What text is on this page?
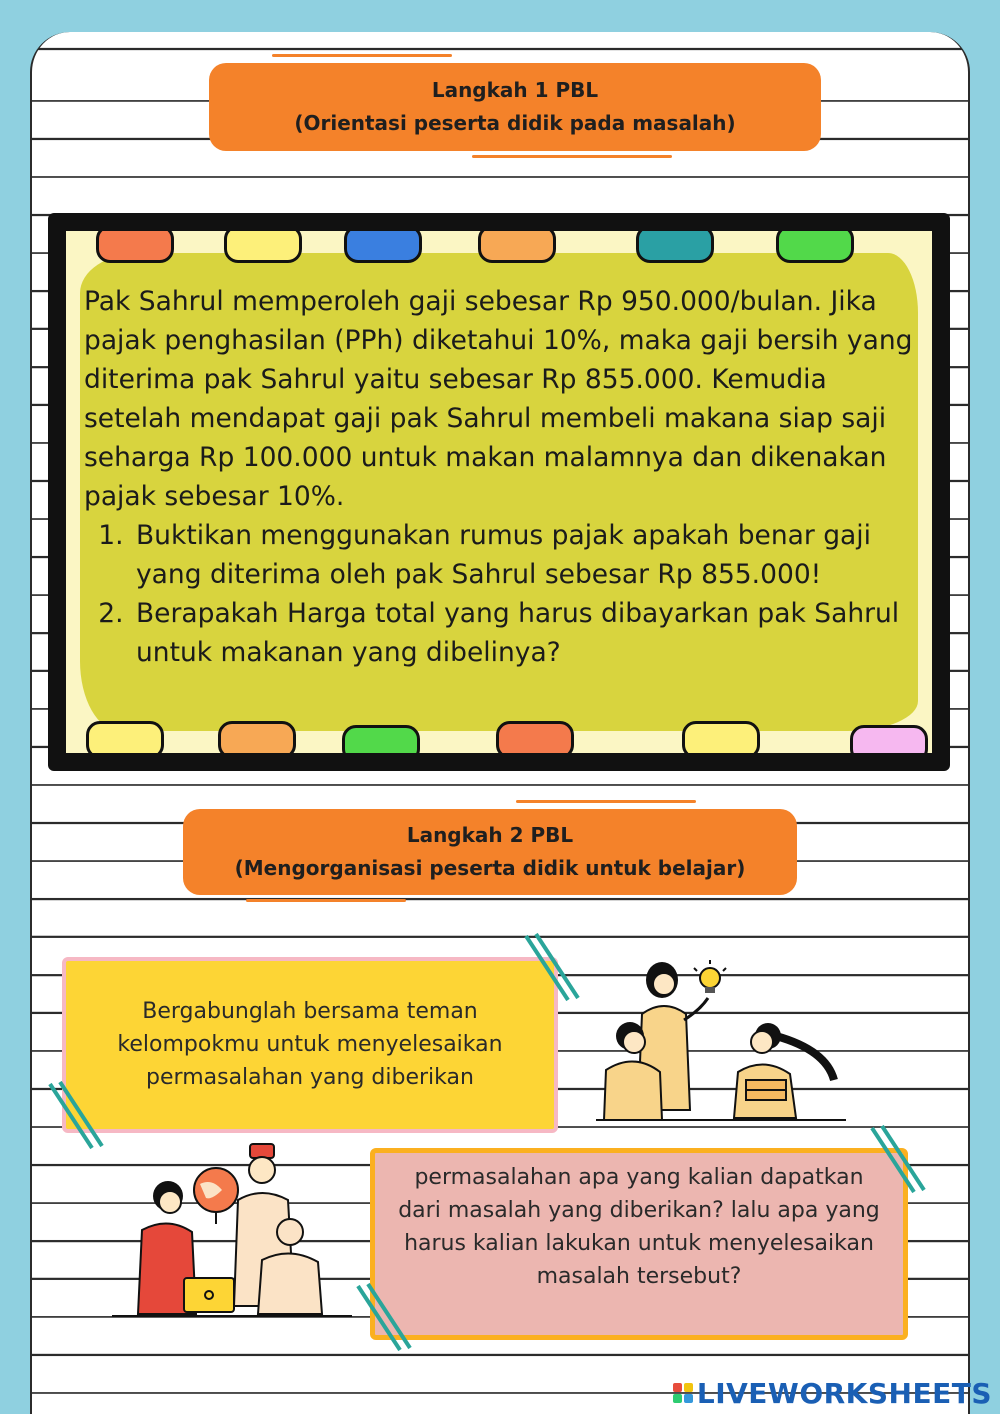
Langkah 1 PBL
(Orientasi peserta didik pada masalah)
Pak Sahrul memperoleh gaji sebesar Rp 950.000/bulan. Jika pajak penghasilan (PPh) diketahui 10%, maka gaji bersih yang diterima pak Sahrul yaitu sebesar Rp 855.000. Kemudia setelah mendapat gaji pak Sahrul membeli makana siap saji seharga Rp 100.000 untuk makan malamnya dan dikenakan pajak sebesar 10%.
1. Buktikan menggunakan rumus pajak apakah benar gaji yang diterima oleh pak Sahrul sebesar Rp 855.000!
2. Berapakah Harga total yang harus dibayarkan pak Sahrul untuk makanan yang dibelinya?
Langkah 2 PBL
(Mengorganisasi peserta didik untuk belajar)
Bergabunglah bersama teman kelompokmu untuk menyelesaikan permasalahan yang diberikan
permasalahan apa yang kalian dapatkan dari masalah yang diberikan? lalu apa yang harus kalian lakukan untuk menyelesaikan masalah tersebut?
LIVEWORKSHEETS
